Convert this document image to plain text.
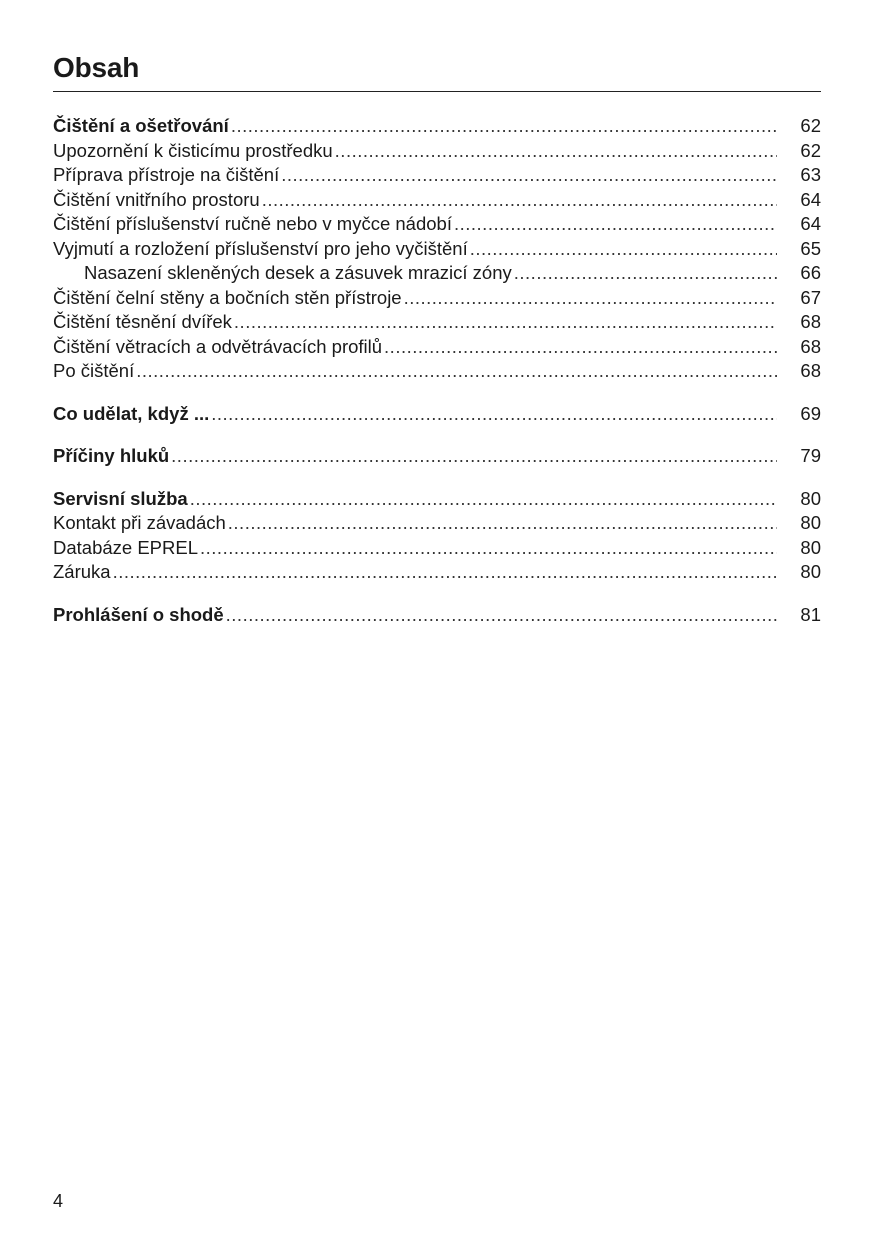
Obsah
Čištění a ošetřování .....	62
Upozornění k čisticímu prostředku .....	62
Příprava přístroje na čištění .....	63
Čištění vnitřního prostoru .....	64
Čištění příslušenství ručně nebo v myčce nádobí .....	64
Vyjmutí a rozložení příslušenství pro jeho vyčištění .....	65
Nasazení skleněných desek a zásuvek mrazicí zóny .....	66
Čištění čelní stěny a bočních stěn přístroje .....	67
Čištění těsnění dvířek .....	68
Čištění větracích a odvětrávacích profilů .....	68
Po čištění .....	68
Co udělat, když ... .....	69
Příčiny hluků .....	79
Servisní služba .....	80
Kontakt při závadách .....	80
Databáze EPREL .....	80
Záruka .....	80
Prohlášení o shodě .....	81
4
